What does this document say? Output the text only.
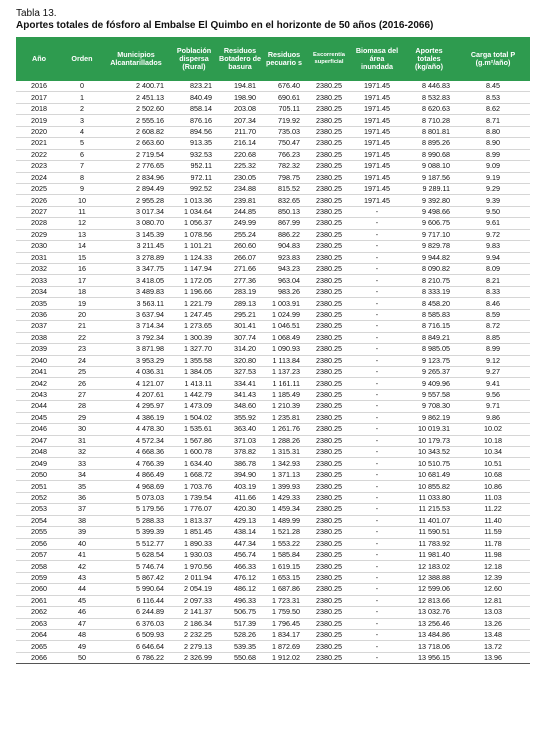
Tabla 13.
Aportes totales de fósforo al Embalse El Quimbo en el horizonte de 50 años (2016-2066)
Año	Orden	Municipios Alcantarillados	Población dispersa (Rural)	Residuos Botadero de basura	Residuos pecuario s	Escorrentía superficial	Biomasa del área inundada	Aportes totales (kg/año)	Carga total P (g.m²/año)
2016	0	2 400.71	823.21	194.81	676.40	2380.25	1971.45	8 446.83	8.45
2017	1	2 451.13	840.49	198.90	690.61	2380.25	1971.45	8 532.83	8.53
2018	2	2 502.60	858.14	203.08	705.11	2380.25	1971.45	8 620.63	8.62
2019	3	2 555.16	876.16	207.34	719.92	2380.25	1971.45	8 710.28	8.71
2020	4	2 608.82	894.56	211.70	735.03	2380.25	1971.45	8 801.81	8.80
2021	5	2 663.60	913.35	216.14	750.47	2380.25	1971.45	8 895.26	8.90
2022	6	2 719.54	932.53	220.68	766.23	2380.25	1971.45	8 990.68	8.99
2023	7	2 776.65	952.11	225.32	782.32	2380.25	1971.45	9 088.10	9.09
2024	8	2 834.96	972.11	230.05	798.75	2380.25	1971.45	9 187.56	9.19
2025	9	2 894.49	992.52	234.88	815.52	2380.25	1971.45	9 289.11	9.29
2026	10	2 955.28	1 013.36	239.81	832.65	2380.25	1971.45	9 392.80	9.39
2027	11	3 017.34	1 034.64	244.85	850.13	2380.25	-	9 498.66	9.50
2028	12	3 080.70	1 056.37	249.99	867.99	2380.25	-	9 606.75	9.61
2029	13	3 145.39	1 078.56	255.24	886.22	2380.25	-	9 717.10	9.72
2030	14	3 211.45	1 101.21	260.60	904.83	2380.25	-	9 829.78	9.83
2031	15	3 278.89	1 124.33	266.07	923.83	2380.25	-	9 944.82	9.94
2032	16	3 347.75	1 147.94	271.66	943.23	2380.25	-	8 090.82	8.09
2033	17	3 418.05	1 172.05	277.36	963.04	2380.25	-	8 210.75	8.21
2034	18	3 489.83	1 196.66	283.19	983.26	2380.25	-	8 333.19	8.33
2035	19	3 563.11	1 221.79	289.13	1 003.91	2380.25	-	8 458.20	8.46
2036	20	3 637.94	1 247.45	295.21	1 024.99	2380.25	-	8 585.83	8.59
2037	21	3 714.34	1 273.65	301.41	1 046.51	2380.25	-	8 716.15	8.72
2038	22	3 792.34	1 300.39	307.74	1 068.49	2380.25	-	8 849.21	8.85
2039	23	3 871.98	1 327.70	314.20	1 090.93	2380.25	-	8 985.05	8.99
2040	24	3 953.29	1 355.58	320.80	1 113.84	2380.25	-	9 123.75	9.12
2041	25	4 036.31	1 384.05	327.53	1 137.23	2380.25	-	9 265.37	9.27
2042	26	4 121.07	1 413.11	334.41	1 161.11	2380.25	-	9 409.96	9.41
2043	27	4 207.61	1 442.79	341.43	1 185.49	2380.25	-	9 557.58	9.56
2044	28	4 295.97	1 473.09	348.60	1 210.39	2380.25	-	9 708.30	9.71
2045	29	4 386.19	1 504.02	355.92	1 235.81	2380.25	-	9 862.19	9.86
2046	30	4 478.30	1 535.61	363.40	1 261.76	2380.25	-	10 019.31	10.02
2047	31	4 572.34	1 567.86	371.03	1 288.26	2380.25	-	10 179.73	10.18
2048	32	4 668.36	1 600.78	378.82	1 315.31	2380.25	-	10 343.52	10.34
2049	33	4 766.39	1 634.40	386.78	1 342.93	2380.25	-	10 510.75	10.51
2050	34	4 866.49	1 668.72	394.90	1 371.13	2380.25	-	10 681.49	10.68
2051	35	4 968.69	1 703.76	403.19	1 399.93	2380.25	-	10 855.82	10.86
2052	36	5 073.03	1 739.54	411.66	1 429.33	2380.25	-	11 033.80	11.03
2053	37	5 179.56	1 776.07	420.30	1 459.34	2380.25	-	11 215.53	11.22
2054	38	5 288.33	1 813.37	429.13	1 489.99	2380.25	-	11 401.07	11.40
2055	39	5 399.39	1 851.45	438.14	1 521.28	2380.25	-	11 590.51	11.59
2056	40	5 512.77	1 890.33	447.34	1 553.22	2380.25	-	11 783.92	11.78
2057	41	5 628.54	1 930.03	456.74	1 585.84	2380.25	-	11 981.40	11.98
2058	42	5 746.74	1 970.56	466.33	1 619.15	2380.25	-	12 183.02	12.18
2059	43	5 867.42	2 011.94	476.12	1 653.15	2380.25	-	12 388.88	12.39
2060	44	5 990.64	2 054.19	486.12	1 687.86	2380.25	-	12 599.06	12.60
2061	45	6 116.44	2 097.33	496.33	1 723.31	2380.25	-	12 813.66	12.81
2062	46	6 244.89	2 141.37	506.75	1 759.50	2380.25	-	13 032.76	13.03
2063	47	6 376.03	2 186.34	517.39	1 796.45	2380.25	-	13 256.46	13.26
2064	48	6 509.93	2 232.25	528.26	1 834.17	2380.25	-	13 484.86	13.48
2065	49	6 646.64	2 279.13	539.35	1 872.69	2380.25	-	13 718.06	13.72
2066	50	6 786.22	2 326.99	550.68	1 912.02	2380.25	-	13 956.15	13.96
